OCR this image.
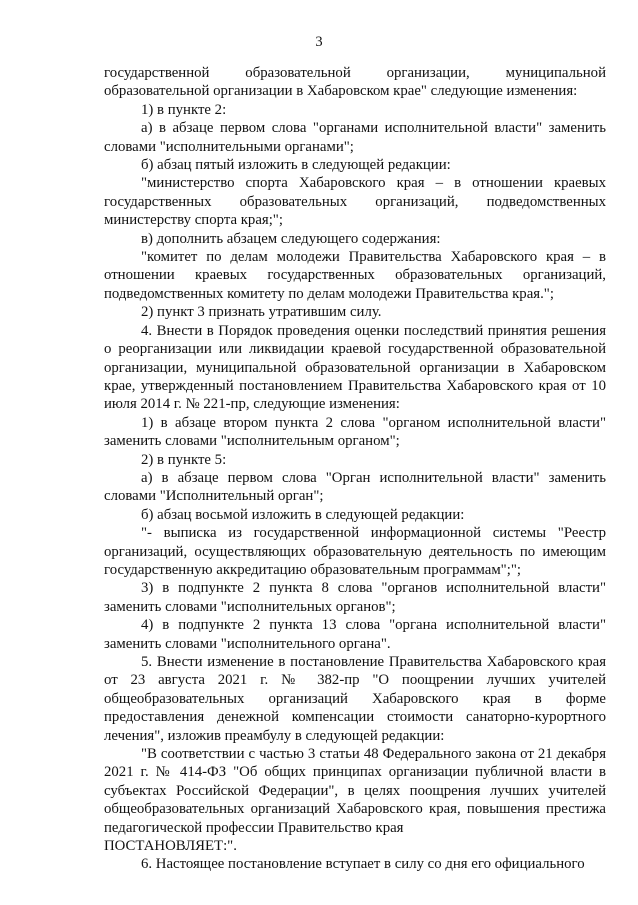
3

государственной образовательной организации, муниципальной образовательной организации в Хабаровском крае" следующие изменения:

1) в пункте 2:

а) в абзаце первом слова "органами исполнительной власти" заменить словами "исполнительными органами";

б) абзац пятый изложить в следующей редакции:

"министерство спорта Хабаровского края – в отношении краевых государственных образовательных организаций, подведомственных министерству спорта края;";

в) дополнить абзацем следующего содержания:

"комитет по делам молодежи Правительства Хабаровского края – в отношении краевых государственных образовательных организаций, подведомственных комитету по делам молодежи Правительства края.";

2) пункт 3 признать утратившим силу.

4. Внести в Порядок проведения оценки последствий принятия решения о реорганизации или ликвидации краевой государственной образовательной организации, муниципальной образовательной организации в Хабаровском крае, утвержденный постановлением Правительства Хабаровского края от 10 июля 2014 г. № 221-пр, следующие изменения:

1) в абзаце втором пункта 2 слова "органом исполнительной власти" заменить словами "исполнительным органом";

2) в пункте 5:

а) в абзаце первом слова "Орган исполнительной власти" заменить словами "Исполнительный орган";

б) абзац восьмой изложить в следующей редакции:

"- выписка из государственной информационной системы "Реестр организаций, осуществляющих образовательную деятельность по имеющим государственную аккредитацию образовательным программам";";

3) в подпункте 2 пункта 8 слова "органов исполнительной власти" заменить словами "исполнительных органов";

4) в подпункте 2 пункта 13 слова "органа исполнительной власти" заменить словами "исполнительного органа".

5. Внести изменение в постановление Правительства Хабаровского края от 23 августа 2021 г. № 382-пр "О поощрении лучших учителей общеобразовательных организаций Хабаровского края в форме предоставления денежной компенсации стоимости санаторно-курортного лечения", изложив преамбулу в следующей редакции:

"В соответствии с частью 3 статьи 48 Федерального закона от 21 декабря 2021 г. № 414-ФЗ "Об общих принципах организации публичной власти в субъектах Российской Федерации", в целях поощрения лучших учителей общеобразовательных организаций Хабаровского края, повышения престижа педагогической профессии Правительство края

ПОСТАНОВЛЯЕТ:".

6. Настоящее постановление вступает в силу со дня его официального
